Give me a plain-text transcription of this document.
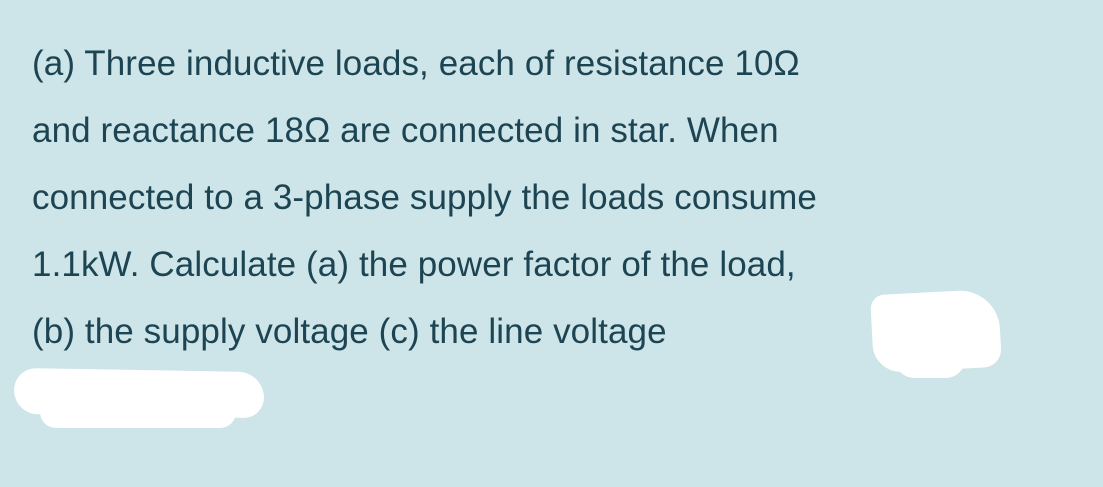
(a) Three inductive loads, each of resistance 10Ω
and reactance 18Ω are connected in star. When
connected to a 3-phase supply the loads consume
1.1kW. Calculate (a) the power factor of the load,
(b) the supply voltage (c) the line voltage
